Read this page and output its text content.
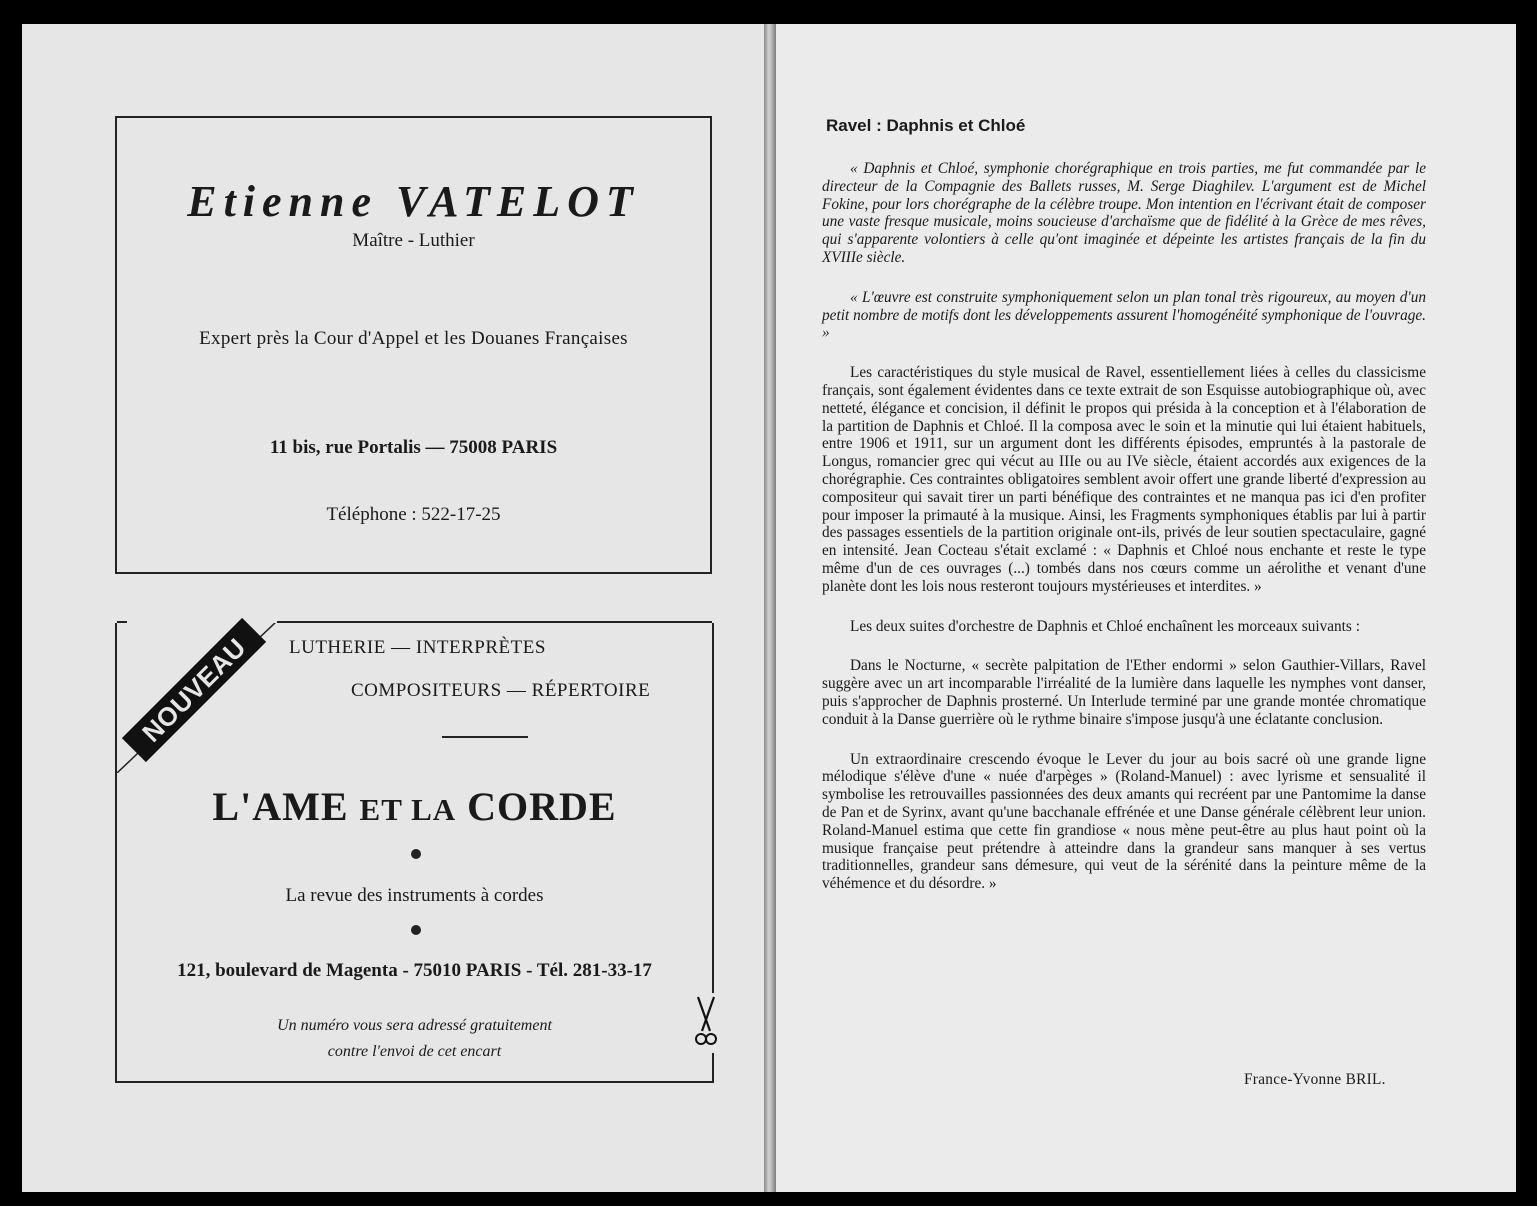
Etienne VATELOT
Maître - Luthier
Expert près la Cour d'Appel et les Douanes Françaises
11 bis, rue Portalis — 75008 PARIS
Téléphone : 522-17-25
NOUVEAU	LUTHERIE — INTERPRÈTES
COMPOSITEURS — RÉPERTOIRE
L'AME ET LA CORDE
La revue des instruments à cordes
121, boulevard de Magenta - 75010 PARIS - Tél. 281-33-17
Un numéro vous sera adressé gratuitement
contre l'envoi de cet encart
Ravel : Daphnis et Chloé

« Daphnis et Chloé, symphonie chorégraphique en trois parties, me fut commandée par le directeur de la Compagnie des Ballets russes, M. Serge Diaghilev. L'argument est de Michel Fokine, pour lors chorégraphe de la célèbre troupe. Mon intention en l'écrivant était de composer une vaste fresque musicale, moins soucieuse d'archaïsme que de fidélité à la Grèce de mes rêves, qui s'apparente volontiers à celle qu'ont imaginée et dépeinte les artistes français de la fin du XVIIIe siècle.

« L'œuvre est construite symphoniquement selon un plan tonal très rigoureux, au moyen d'un petit nombre de motifs dont les développements assurent l'homogénéité symphonique de l'ouvrage. »

Les caractéristiques du style musical de Ravel, essentiellement liées à celles du classicisme français, sont également évidentes dans ce texte extrait de son Esquisse autobiographique où, avec netteté, élégance et concision, il définit le propos qui présida à la conception et à l'élaboration de la partition de Daphnis et Chloé. Il la composa avec le soin et la minutie qui lui étaient habituels, entre 1906 et 1911, sur un argument dont les différents épisodes, empruntés à la pastorale de Longus, romancier grec qui vécut au IIIe ou au IVe siècle, étaient accordés aux exigences de la chorégraphie. Ces contraintes obligatoires semblent avoir offert une grande liberté d'expression au compositeur qui savait tirer un parti bénéfique des contraintes et ne manqua pas ici d'en profiter pour imposer la primauté à la musique. Ainsi, les Fragments symphoniques établis par lui à partir des passages essentiels de la partition originale ont-ils, privés de leur soutien spectaculaire, gagné en intensité. Jean Cocteau s'était exclamé : « Daphnis et Chloé nous enchante et reste le type même d'un de ces ouvrages (...) tombés dans nos cœurs comme un aérolithe et venant d'une planète dont les lois nous resteront toujours mystérieuses et interdites. »

Les deux suites d'orchestre de Daphnis et Chloé enchaînent les morceaux suivants :

Dans le Nocturne, « secrète palpitation de l'Ether endormi » selon Gauthier-Villars, Ravel suggère avec un art incomparable l'irréalité de la lumière dans laquelle les nymphes vont danser, puis s'approcher de Daphnis prosterné. Un Interlude terminé par une grande montée chromatique conduit à la Danse guerrière où le rythme binaire s'impose jusqu'à une éclatante conclusion.

Un extraordinaire crescendo évoque le Lever du jour au bois sacré où une grande ligne mélodique s'élève d'une « nuée d'arpèges » (Roland-Manuel) : avec lyrisme et sensualité il symbolise les retrouvailles passionnées des deux amants qui recréent par une Pantomime la danse de Pan et de Syrinx, avant qu'une bacchanale effrénée et une Danse générale célèbrent leur union. Roland-Manuel estima que cette fin grandiose « nous mène peut-être au plus haut point où la musique française peut prétendre à atteindre dans la grandeur sans manquer à ses vertus traditionnelles, grandeur sans démesure, qui veut de la sérénité dans la peinture même de la véhémence et du désordre. »

France-Yvonne BRIL.
